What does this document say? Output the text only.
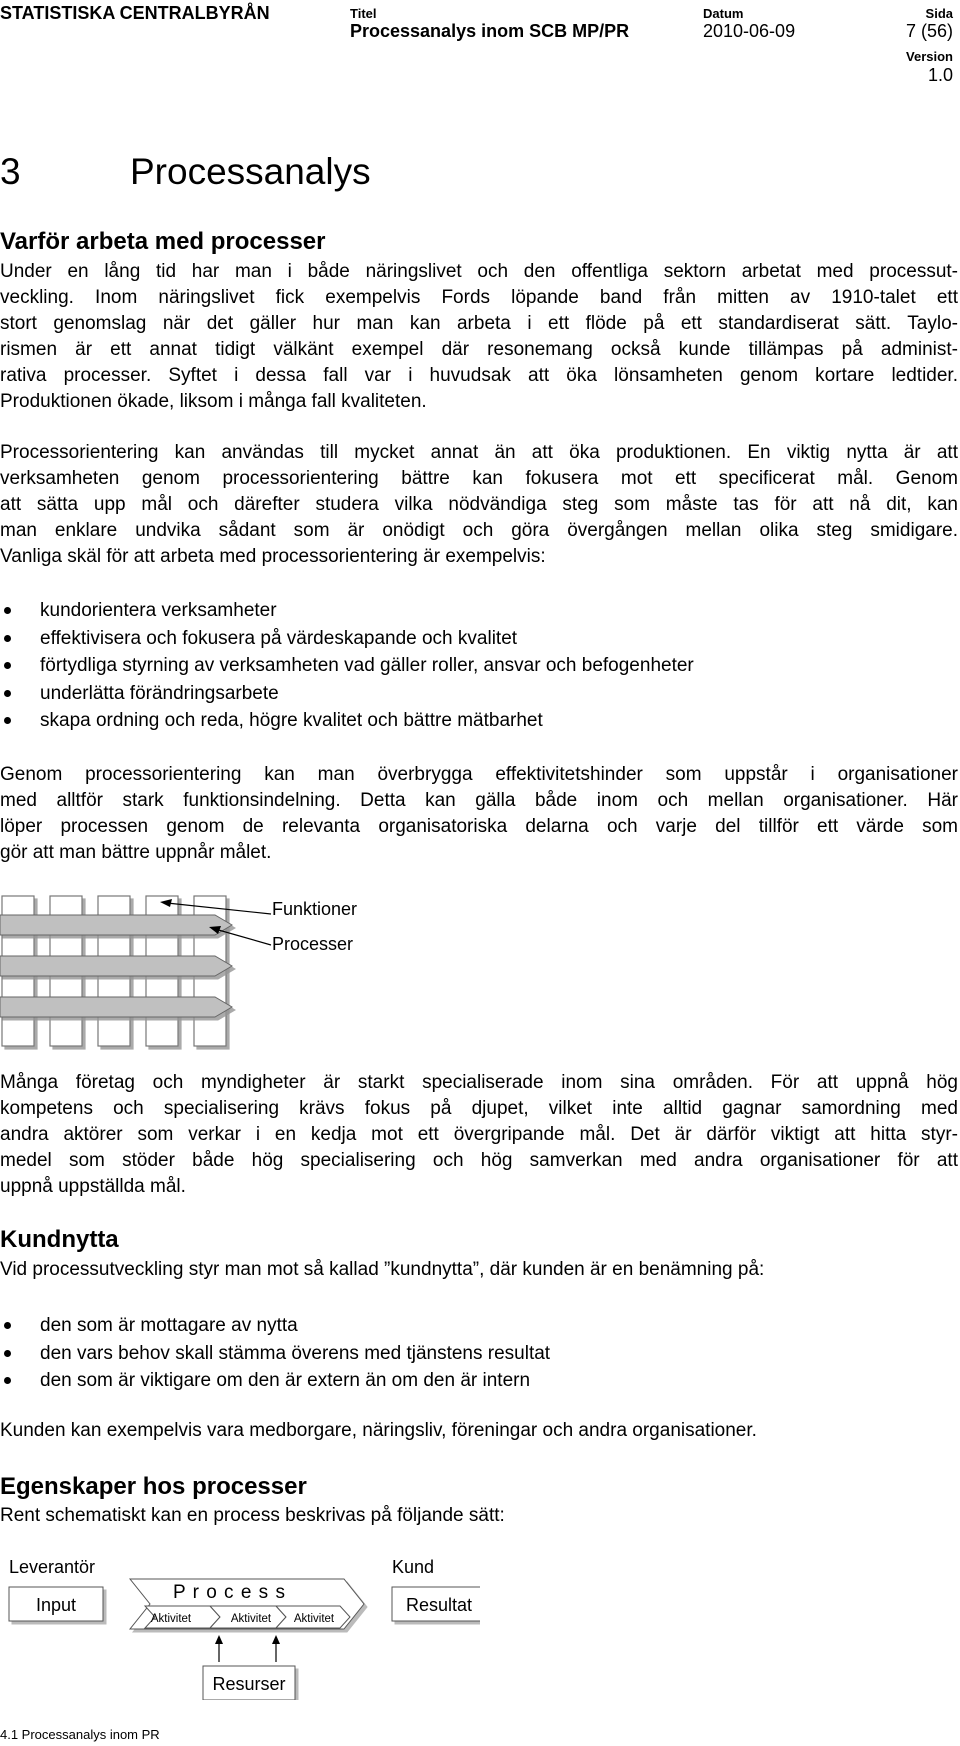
STATISTISKA CENTRALBYRÅN	Titel
Processanalys inom SCB MP/PR
Datum
2010-06-09
Sida
7 (56)
Version
1.0
3	Processanalys
Varför arbeta med processer
Under en lång tid har man i både näringslivet och den offentliga sektorn arbetat med processut-
veckling. Inom näringslivet fick exempelvis Fords löpande band från mitten av 1910-talet ett
stort genomslag när det gäller hur man kan arbeta i ett flöde på ett standardiserat sätt. Taylo-
rismen är ett annat tidigt välkänt exempel där resonemang också kunde tillämpas på administ-
rativa processer. Syftet i dessa fall var i huvudsak att öka lönsamheten genom kortare ledtider.
Produktionen ökade, liksom i många fall kvaliteten.
Processorientering kan användas till mycket annat än att öka produktionen. En viktig nytta är att
verksamheten genom processorientering bättre kan fokusera mot ett specificerat mål. Genom
att sätta upp mål och därefter studera vilka nödvändiga steg som måste tas för att nå dit, kan
man enklare undvika sådant som är onödigt och göra övergången mellan olika steg smidigare.
Vanliga skäl för att arbeta med processorientering är exempelvis:
kundorientera verksamheter
effektivisera och fokusera på värdeskapande och kvalitet
förtydliga styrning av verksamheten vad gäller roller, ansvar och befogenheter
underlätta förändringsarbete
skapa ordning och reda, högre kvalitet och bättre mätbarhet
Genom processorientering kan man överbrygga effektivitetshinder som uppstår i organisationer
med alltför stark funktionsindelning. Detta kan gälla både inom och mellan organisationer. Här
löper processen genom de relevanta organisatoriska delarna och varje del tillför ett värde som
gör att man bättre uppnår målet.
Funktioner
Processer
Många företag och myndigheter är starkt specialiserade inom sina områden. För att uppnå hög
kompetens och specialisering krävs fokus på djupet, vilket inte alltid gagnar samordning med
andra aktörer som verkar i en kedja mot ett övergripande mål. Det är därför viktigt att hitta styr-
medel som stöder både hög specialisering och hög samverkan med andra organisationer för att
uppnå uppställda mål.
Kundnytta
Vid processutveckling styr man mot så kallad ”kundnytta”, där kunden är en benämning på:
den som är mottagare av nytta
den vars behov skall stämma överens med tjänstens resultat
den som är viktigare om den är extern än om den är intern
Kunden kan exempelvis vara medborgare, näringsliv, föreningar och andra organisationer.
Egenskaper hos processer
Rent schematiskt kan en process beskrivas på följande sätt:
Leverantör
Input
P r o c e s s
Aktivitet	Aktivitet Aktivitet
Kund
Resultat
Resurser
4.1 Processanalys inom PR
